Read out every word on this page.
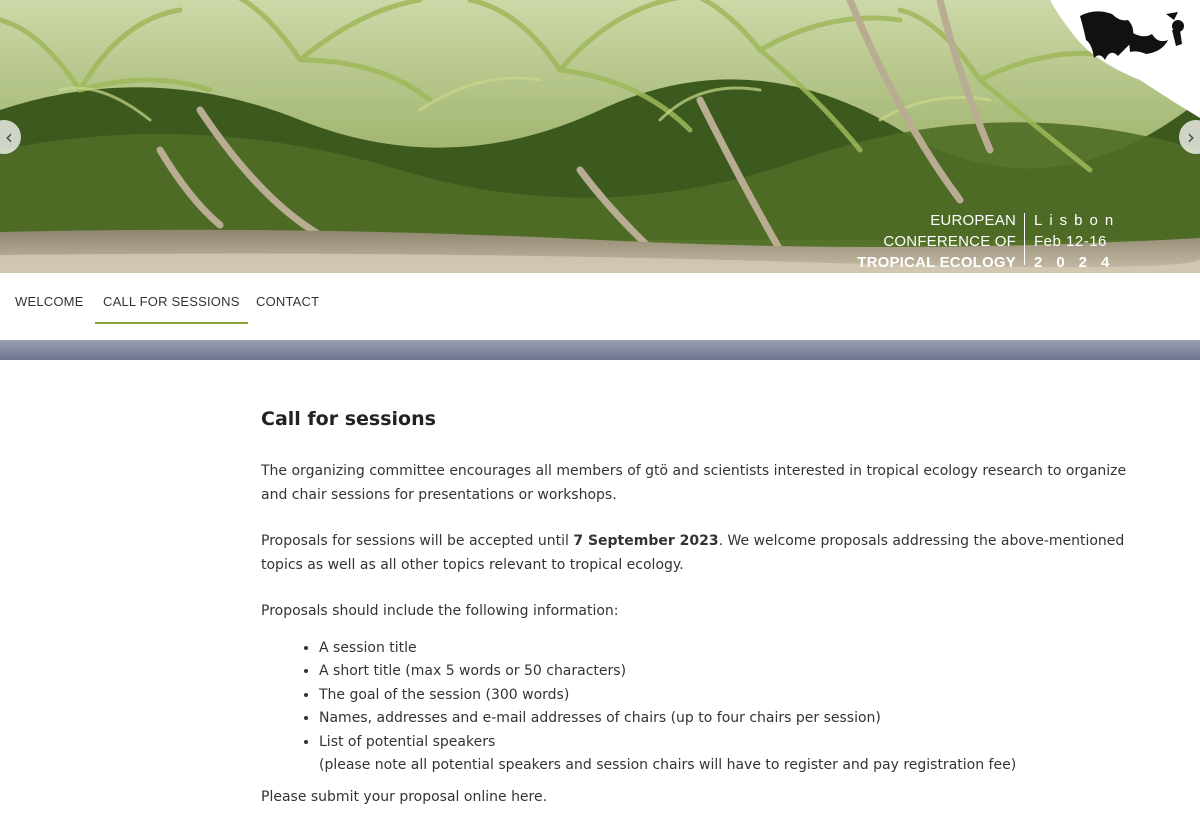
EUROPEAN
CONFERENCE OF
TROPICAL ECOLOGY
Lisbon
Feb 12-16
2024
‹	›
WELCOME	CALL FOR SESSIONS	CONTACT
Call for sessions

The organizing committee encourages all members of gtö and scientists interested in tropical ecology research to organize and chair sessions for presentations or workshops.

Proposals for sessions will be accepted until 7 September 2023. We welcome proposals addressing the above-mentioned topics as well as all other topics relevant to tropical ecology.

Proposals should include the following information:

• A session title
• A short title (max 5 words or 50 characters)
• The goal of the session (300 words)
• Names, addresses and e-mail addresses of chairs (up to four chairs per session)
• List of potential speakers
(please note all potential speakers and session chairs will have to register and pay registration fee)

Please submit your proposal online here.
